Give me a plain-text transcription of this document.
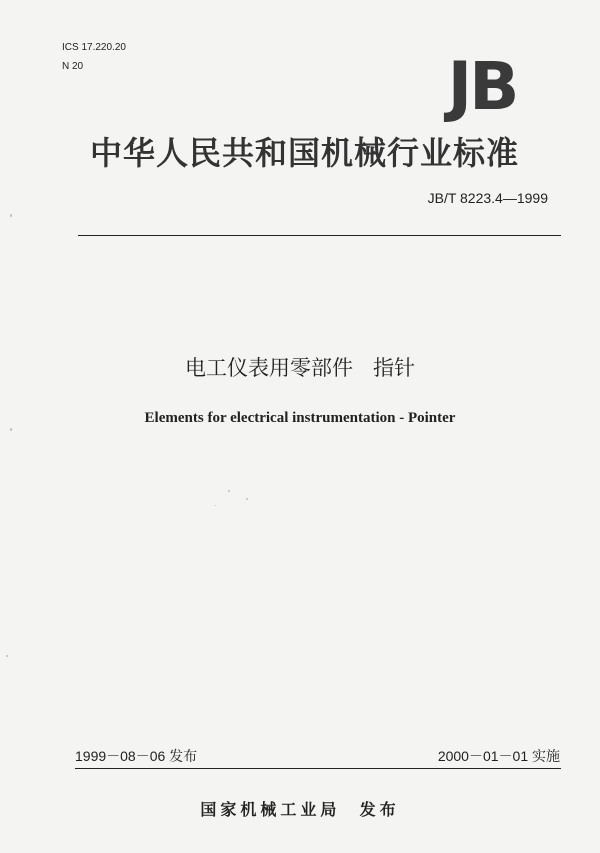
ICS 17.220.20
N 20	JB
中华人民共和国机械行业标准
JB/T 8223.4—1999
电工仪表用零部件   指针
Elements for electrical instrumentation - Pointer
1999－08－06 发布	2000－01－01 实施
国家机械工业局  发布
